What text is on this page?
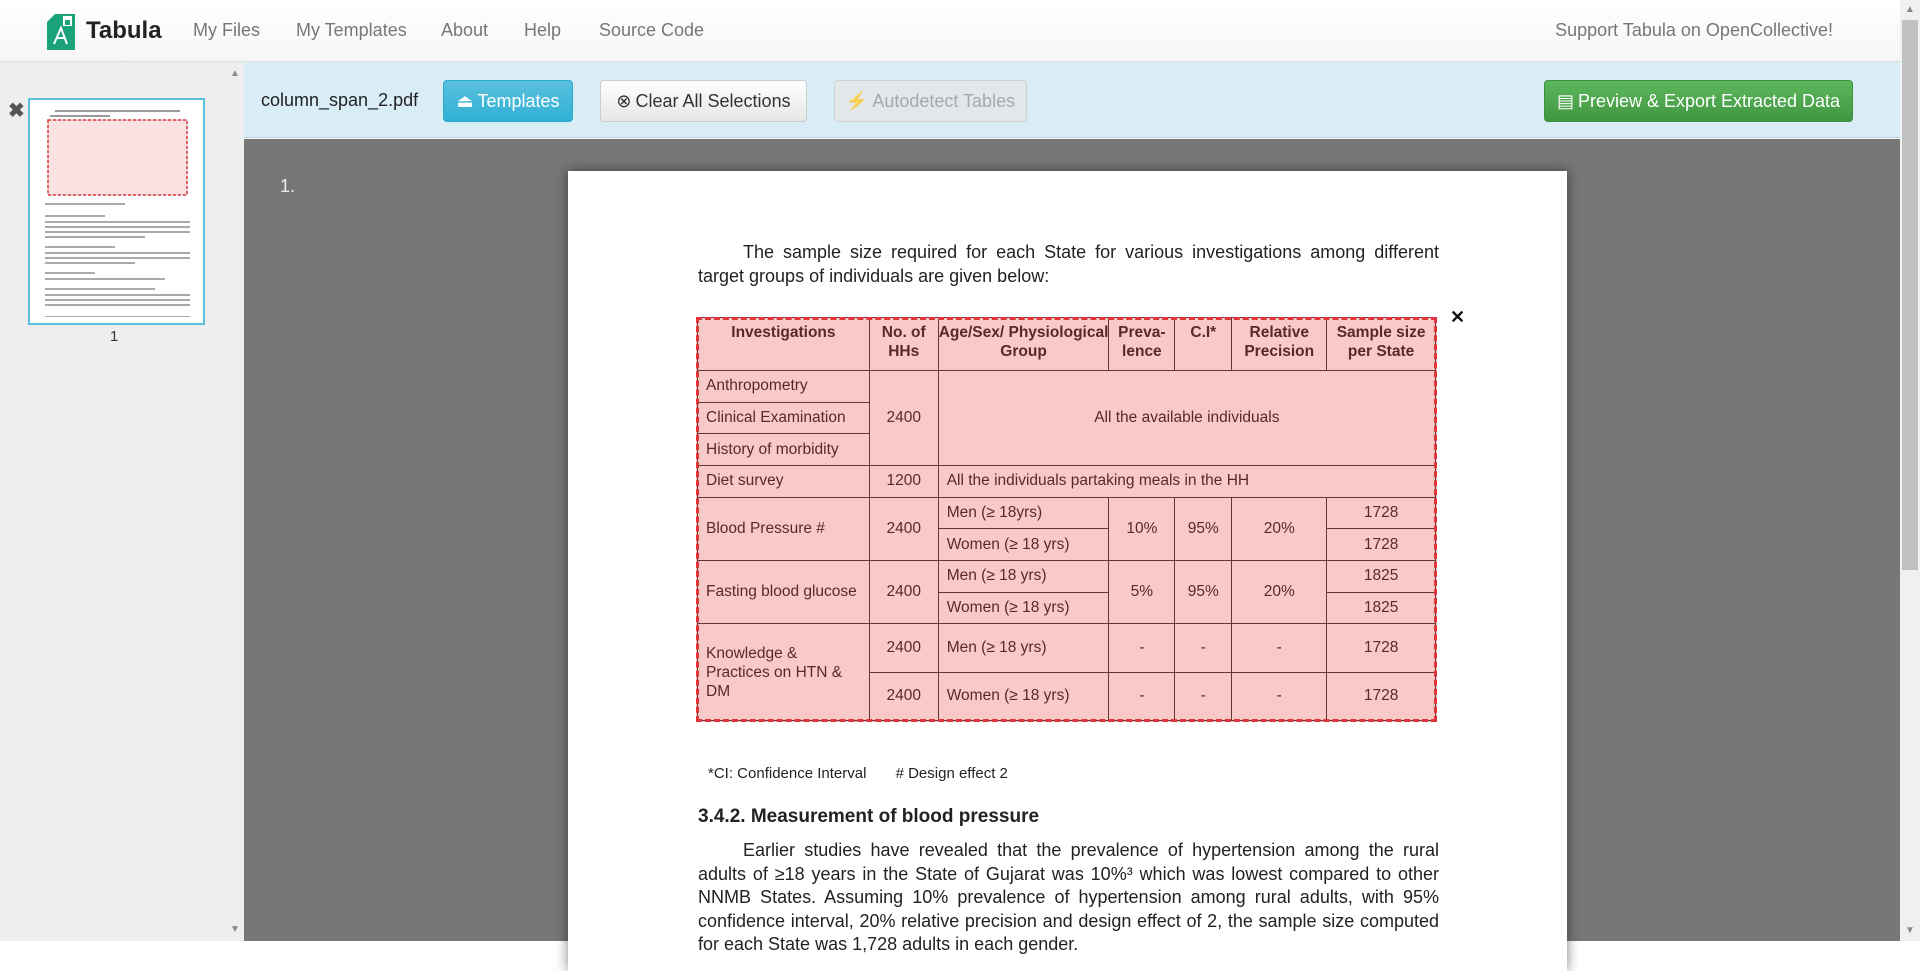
Tabula My Files My Templates About Help Source Code	Support Tabula on OpenCollective!
✖
▲
▼
1
column_span_2.pdf ⏏ Templates	⊗ Clear All Selections	⚡ Autodetect Tables	▤ Preview & Export Extracted Data
1.

The sample size required for each State for various investigations among different target groups of individuals are given below:

Investigations	No. of HHs	Age/Sex/ Physiological Group	Preva- lence	C.I*	Relative Precision	Sample size per State
Anthropometry	2400	All the available individuals				
Clinical Examination						
History of morbidity						
Diet survey	1200	All the individuals partaking meals in the HH				
Blood Pressure #	2400	Men (≥ 18yrs)	10%	95%	20%	1728
		Women (≥ 18 yrs)				1728
Fasting blood glucose	2400	Men (≥ 18 yrs)	5%	95%	20%	1825
		Women (≥ 18 yrs)				1825
Knowledge & Practices on HTN & DM	2400	Men (≥ 18 yrs)	-	-	-	1728
	2400	Women (≥ 18 yrs)	-	-	-	1728
✕
*CI: Confidence Interval       # Design effect 2
3.4.2. Measurement of blood pressure

Earlier studies have revealed that the prevalence of hypertension among the rural adults of ≥18 years in the State of Gujarat was 10%³ which was lowest compared to other NNMB States. Assuming 10% prevalence of hypertension among rural adults, with 95% confidence interval, 20% relative precision and design effect of 2, the sample size computed for each State was 1,728 adults in each gender.

▲
▼
